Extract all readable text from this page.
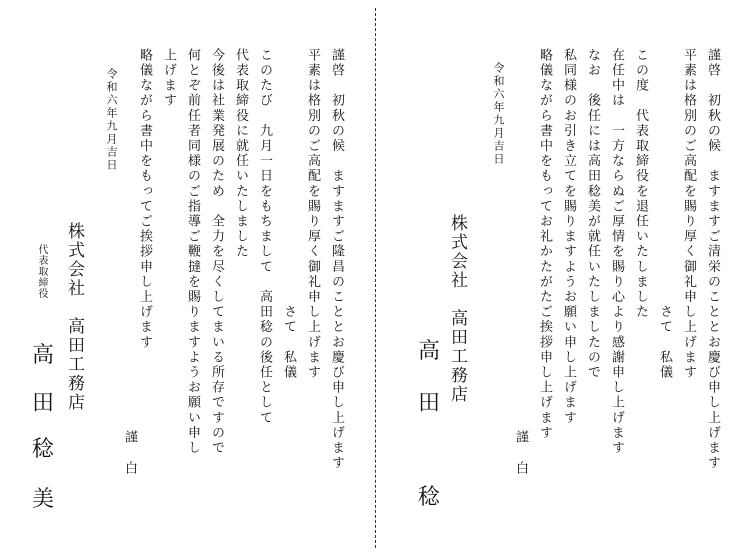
謹啓　初秋の候　ますますご清栄のこととお慶び申し上げます
平素は格別のご高配を賜り厚く御礼申し上げます
　　　　　　　　　　　　　　　　　さて　私儀
この度　代表取締役を退任いたしました
在任中は　一方ならぬご厚情を賜り心より感謝申し上げます
なお　後任には高田稔美が就任いたしましたので
私同様のお引き立てを賜りますようお願い申し上げます
略儀ながら書中をもってお礼かたがたご挨拶申し上げます
謹白
令和六年九月吉日
株式会社　高田工務店
高
田
稔
謹啓　初秋の候　ますますご隆昌のこととお慶び申し上げます
平素は格別のご高配を賜り厚く御礼申し上げます
　　　　　　　　　　　　　　　　　さて　私儀
このたび　九月一日をもちまして　高田稔の後任として
代表取締役に就任いたしました
今後は社業発展のため　全力を尽くしてまいる所存ですので
何とぞ前任者同様のご指導ご鞭撻を賜りますようお願い申し
上げます
略儀ながら書中をもってご挨拶申し上げます
謹白
令和六年九月吉日
株式会社　高田工務店
代表取締役
高
田
稔
美
